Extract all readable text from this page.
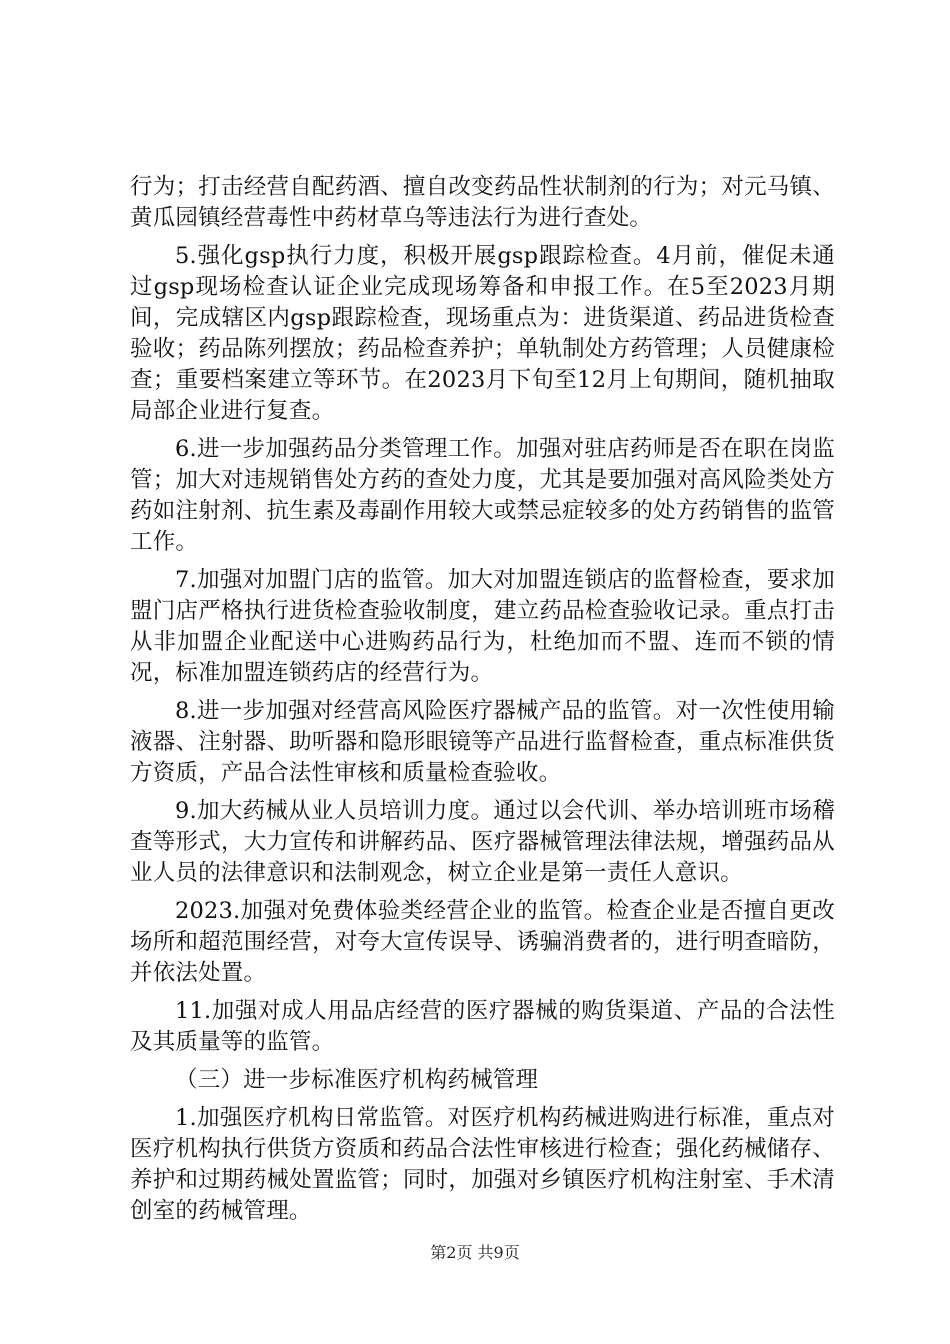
行为；打击经营自配药酒、擅自改变药品性状制剂的行为；对元马镇、黄瓜园镇经营毒性中药材草乌等违法行为进行查处。

5.强化gsp执行力度，积极开展gsp跟踪检查。4月前，催促未通过gsp现场检查认证企业完成现场筹备和申报工作。在5至2023月期间，完成辖区内gsp跟踪检查，现场重点为：进货渠道、药品进货检查验收；药品陈列摆放；药品检查养护；单轨制处方药管理；人员健康检查；重要档案建立等环节。在2023月下旬至12月上旬期间，随机抽取局部企业进行复查。

6.进一步加强药品分类管理工作。加强对驻店药师是否在职在岗监管；加大对违规销售处方药的查处力度，尤其是要加强对高风险类处方药如注射剂、抗生素及毒副作用较大或禁忌症较多的处方药销售的监管工作。

7.加强对加盟门店的监管。加大对加盟连锁店的监督检查，要求加盟门店严格执行进货检查验收制度，建立药品检查验收记录。重点打击从非加盟企业配送中心进购药品行为，杜绝加而不盟、连而不锁的情况，标准加盟连锁药店的经营行为。

8.进一步加强对经营高风险医疗器械产品的监管。对一次性使用输液器、注射器、助听器和隐形眼镜等产品进行监督检查，重点标准供货方资质，产品合法性审核和质量检查验收。

9.加大药械从业人员培训力度。通过以会代训、举办培训班市场稽查等形式，大力宣传和讲解药品、医疗器械管理法律法规，增强药品从业人员的法律意识和法制观念，树立企业是第一责任人意识。

2023.加强对免费体验类经营企业的监管。检查企业是否擅自更改场所和超范围经营，对夸大宣传误导、诱骗消费者的，进行明查暗防，并依法处置。

11.加强对成人用品店经营的医疗器械的购货渠道、产品的合法性及其质量等的监管。

（三）进一步标准医疗机构药械管理

1.加强医疗机构日常监管。对医疗机构药械进购进行标准，重点对医疗机构执行供货方资质和药品合法性审核进行检查；强化药械储存、养护和过期药械处置监管；同时，加强对乡镇医疗机构注射室、手术清创室的药械管理。

第2页 共9页
